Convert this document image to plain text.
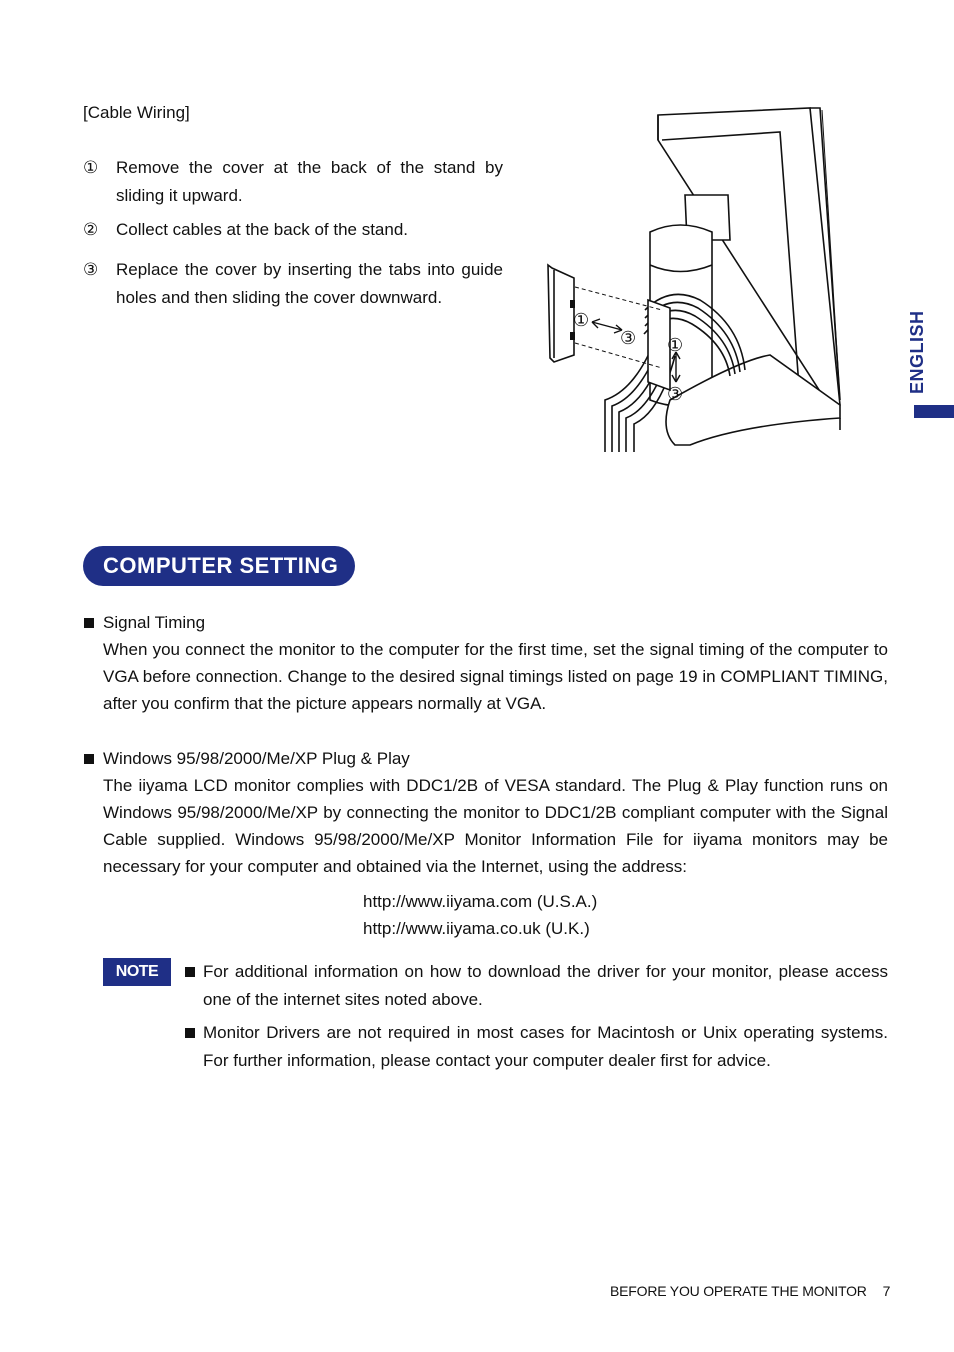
[Cable Wiring]
①	Remove the cover at the back of the stand by sliding it upward.
②	Collect cables at the back of the stand.
③	Replace the cover by inserting the tabs into guide holes and then sliding the cover downward.
①
③ ①
③
ENGLISH
COMPUTER SETTING
Signal Timing
When you connect the monitor to the computer for the first time, set the signal timing of the computer to VGA before connection. Change to the desired signal timings listed on page 19 in COMPLIANT TIMING, after you confirm that the picture appears normally at VGA.
Windows 95/98/2000/Me/XP Plug & Play
The iiyama LCD monitor complies with DDC1/2B of VESA standard. The Plug & Play function runs on Windows 95/98/2000/Me/XP by connecting the monitor to DDC1/2B compliant computer with the Signal Cable supplied. Windows 95/98/2000/Me/XP Monitor Information File for iiyama monitors may be necessary for your computer and obtained via the Internet, using the address:
http://www.iiyama.com (U.S.A.)
http://www.iiyama.co.uk (U.K.)
NOTE	For additional information on how to download the driver for your monitor, please access one of the internet sites noted above.
Monitor Drivers are not required in most cases for Macintosh or Unix operating systems. For further information, please contact your computer dealer first for advice.
BEFORE YOU OPERATE THE MONITOR 7
